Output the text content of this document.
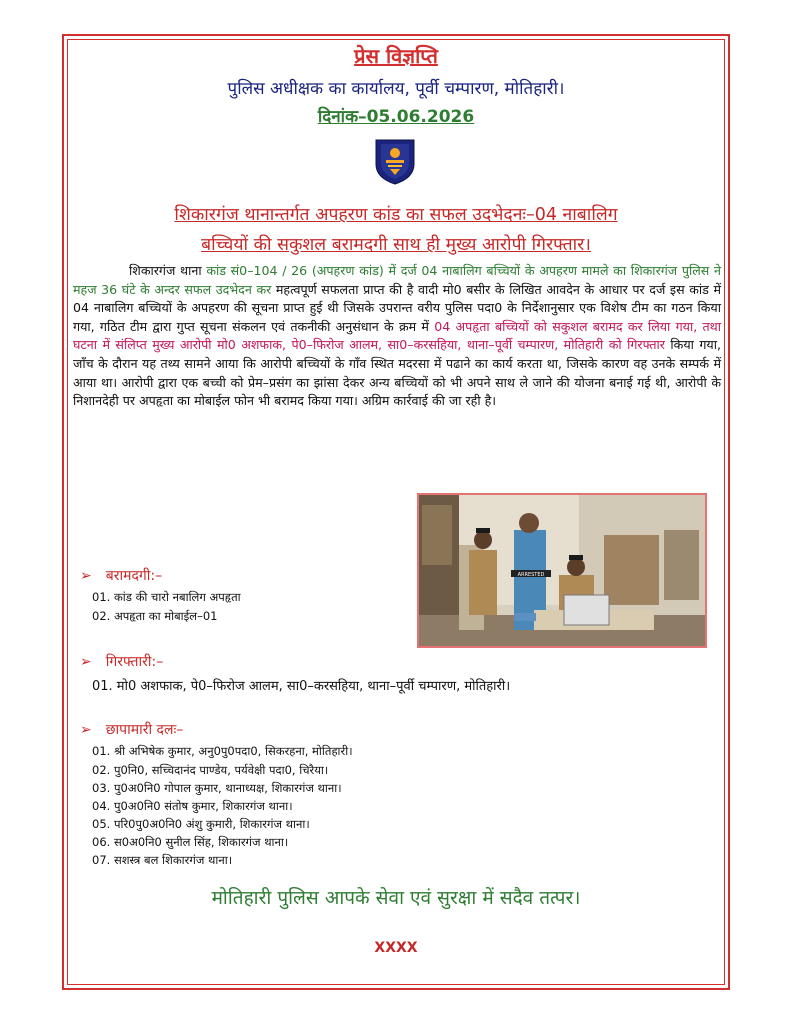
प्रेस विज्ञप्ति
पुलिस अधीक्षक का कार्यालय, पूर्वी चम्पारण, मोतिहारी।
दिनांक–05.06.2026
शिकारगंज थानान्तर्गत अपहरण कांड का सफल उदभेदनः–04 नाबालिग
बच्चियों की सकुशल बरामदगी साथ ही मुख्य आरोपी गिरफ्तार।
शिकारगंज थाना कांड सं0–104 / 26 (अपहरण कांड) में दर्ज 04 नाबालिग बच्चियों के अपहरण मामले का शिकारगंज पुलिस ने महज 36 घंटे के अन्दर सफल उदभेदन कर महत्वपूर्ण सफलता प्राप्त की है वादी मो0 बसीर के लिखित आवदेन के आधार पर दर्ज इस कांड में 04 नाबालिग बच्चियों के अपहरण की सूचना प्राप्त हुई थी जिसके उपरान्त वरीय पुलिस पदा0 के निर्देशानुसार एक विशेष टीम का गठन किया गया, गठित टीम द्वारा गुप्त सूचना संकलन एवं तकनीकी अनुसंधान के क्रम में 04 अपहृता बच्चियों को सकुशल बरामद कर लिया गया, तथा घटना में संलिप्त मुख्य आरोपी मो0 अशफाक, पे0–फिरोज आलम, सा0–करसहिया, थाना–पूर्वी चम्पारण, मोतिहारी को गिरफ्तार किया गया, जाँच के दौरान यह तथ्य सामने आया कि आरोपी बच्चियों के गाँव स्थित मदरसा में पढाने का कार्य करता था, जिसके कारण वह उनके सम्पर्क में आया था। आरोपी द्वारा एक बच्ची को प्रेम–प्रसंग का झांसा देकर अन्य बच्चियों को भी अपने साथ ले जाने की योजना बनाई गई थी, आरोपी के निशानदेही पर अपहृता का मोबाईल फोन भी बरामद किया गया। अग्रिम कार्रवाई की जा रही है।
ARRESTED
➢ बरामदगी:–
01. कांड की चारो नबालिग अपहृता
02. अपहृता का मोबाईल–01
➢ गिरफ्तारी:–
01. मो0 अशफाक, पे0–फिरोज आलम, सा0–करसहिया, थाना–पूर्वी चम्पारण, मोतिहारी।
➢ छापामारी दलः–
01. श्री अभिषेक कुमार, अनु0पु0पदा0, सिकरहना, मोतिहारी।
02. पु0नि0, सच्चिदानंद पाण्डेय, पर्यवेक्षी पदा0, चिरैया।
03. पु0अ0नि0 गोपाल कुमार, थानाध्यक्ष, शिकारगंज थाना।
04. पु0अ0नि0 संतोष कुमार, शिकारगंज थाना।
05. परि0पु0अ0नि0 अंशु कुमारी, शिकारगंज थाना।
06. स0अ0नि0 सुनील सिंह, शिकारगंज थाना।
07. सशस्त्र बल शिकारगंज थाना।
मोतिहारी पुलिस आपके सेवा एवं सुरक्षा में सदैव तत्पर।
XXXX
